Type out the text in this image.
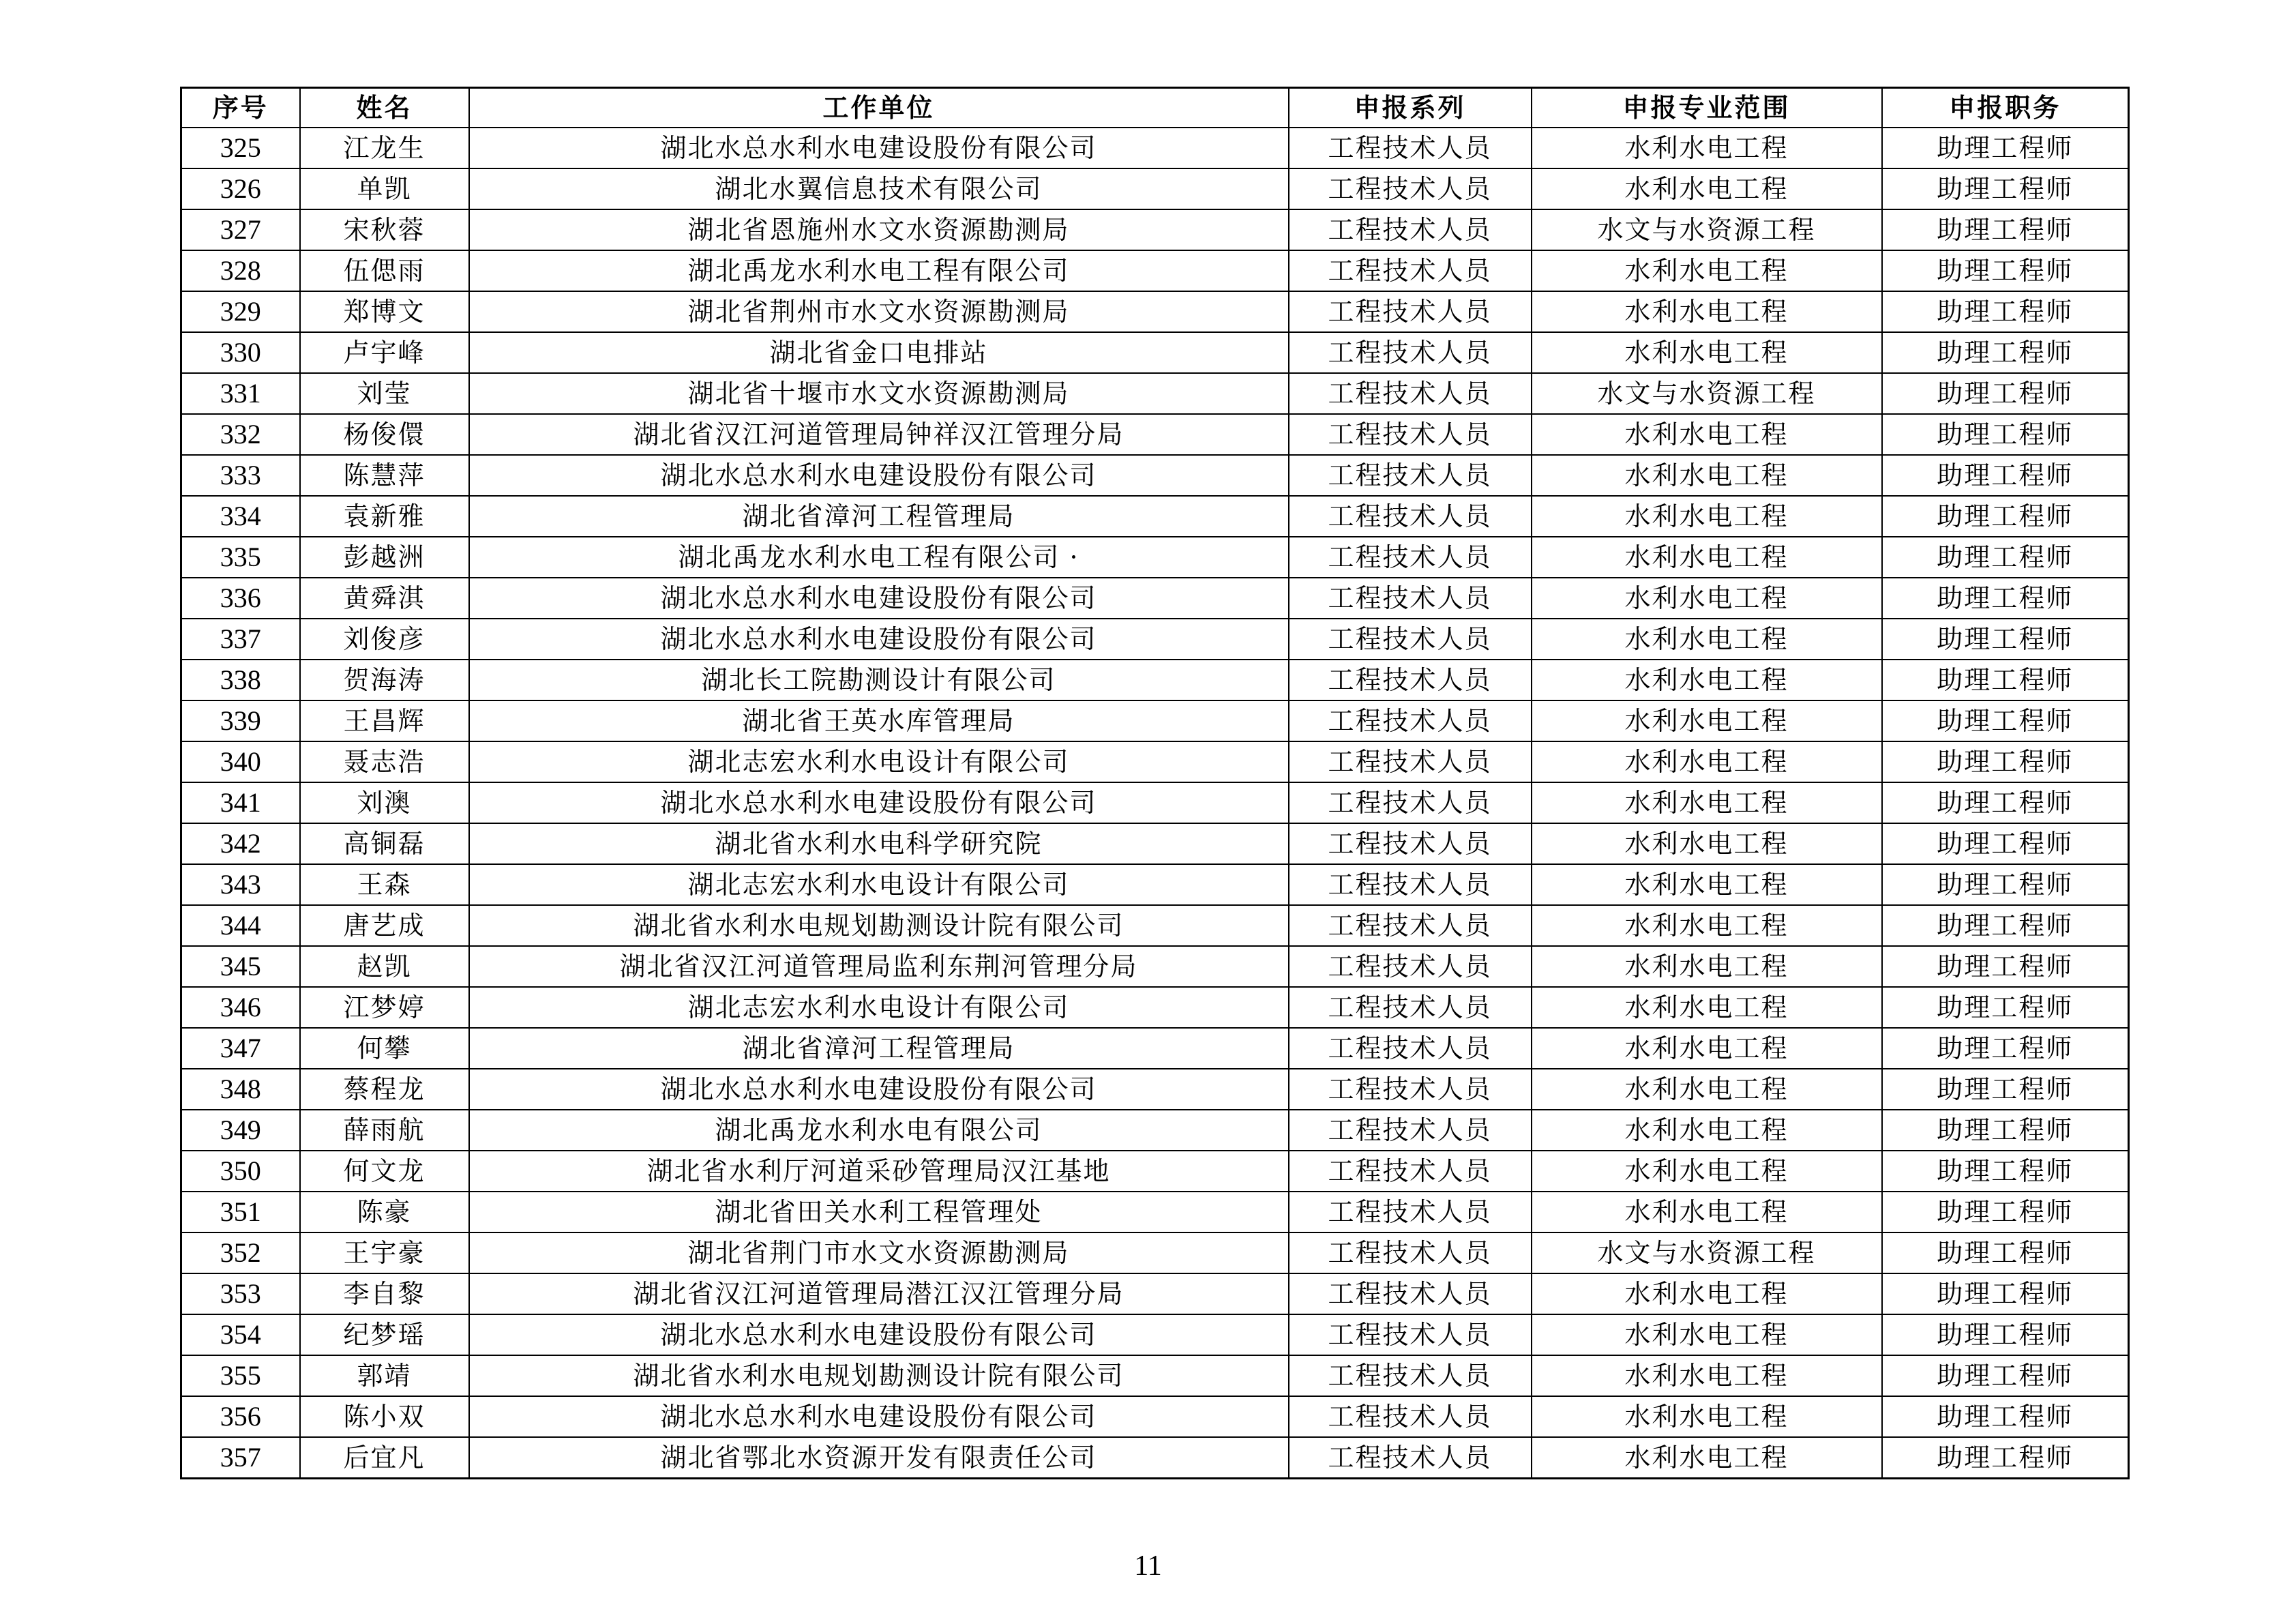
序号	姓名	工作单位	申报系列	申报专业范围	申报职务
325	江龙生	湖北水总水利水电建设股份有限公司	工程技术人员	水利水电工程	助理工程师
326	单凯	湖北水翼信息技术有限公司	工程技术人员	水利水电工程	助理工程师
327	宋秋蓉	湖北省恩施州水文水资源勘测局	工程技术人员	水文与水资源工程	助理工程师
328	伍偲雨	湖北禹龙水利水电工程有限公司	工程技术人员	水利水电工程	助理工程师
329	郑博文	湖北省荆州市水文水资源勘测局	工程技术人员	水利水电工程	助理工程师
330	卢宇峰	湖北省金口电排站	工程技术人员	水利水电工程	助理工程师
331	刘莹	湖北省十堰市水文水资源勘测局	工程技术人员	水文与水资源工程	助理工程师
332	杨俊儇	湖北省汉江河道管理局钟祥汉江管理分局	工程技术人员	水利水电工程	助理工程师
333	陈慧萍	湖北水总水利水电建设股份有限公司	工程技术人员	水利水电工程	助理工程师
334	袁新雅	湖北省漳河工程管理局	工程技术人员	水利水电工程	助理工程师
335	彭越洲	湖北禹龙水利水电工程有限公司 ·	工程技术人员	水利水电工程	助理工程师
336	黄舜淇	湖北水总水利水电建设股份有限公司	工程技术人员	水利水电工程	助理工程师
337	刘俊彦	湖北水总水利水电建设股份有限公司	工程技术人员	水利水电工程	助理工程师
338	贺海涛	湖北长工院勘测设计有限公司	工程技术人员	水利水电工程	助理工程师
339	王昌辉	湖北省王英水库管理局	工程技术人员	水利水电工程	助理工程师
340	聂志浩	湖北志宏水利水电设计有限公司	工程技术人员	水利水电工程	助理工程师
341	刘澳	湖北水总水利水电建设股份有限公司	工程技术人员	水利水电工程	助理工程师
342	高铜磊	湖北省水利水电科学研究院	工程技术人员	水利水电工程	助理工程师
343	王森	湖北志宏水利水电设计有限公司	工程技术人员	水利水电工程	助理工程师
344	唐艺成	湖北省水利水电规划勘测设计院有限公司	工程技术人员	水利水电工程	助理工程师
345	赵凯	湖北省汉江河道管理局监利东荆河管理分局	工程技术人员	水利水电工程	助理工程师
346	江梦婷	湖北志宏水利水电设计有限公司	工程技术人员	水利水电工程	助理工程师
347	何攀	湖北省漳河工程管理局	工程技术人员	水利水电工程	助理工程师
348	蔡程龙	湖北水总水利水电建设股份有限公司	工程技术人员	水利水电工程	助理工程师
349	薛雨航	湖北禹龙水利水电有限公司	工程技术人员	水利水电工程	助理工程师
350	何文龙	湖北省水利厅河道采砂管理局汉江基地	工程技术人员	水利水电工程	助理工程师
351	陈豪	湖北省田关水利工程管理处	工程技术人员	水利水电工程	助理工程师
352	王宇豪	湖北省荆门市水文水资源勘测局	工程技术人员	水文与水资源工程	助理工程师
353	李自黎	湖北省汉江河道管理局潜江汉江管理分局	工程技术人员	水利水电工程	助理工程师
354	纪梦瑶	湖北水总水利水电建设股份有限公司	工程技术人员	水利水电工程	助理工程师
355	郭靖	湖北省水利水电规划勘测设计院有限公司	工程技术人员	水利水电工程	助理工程师
356	陈小双	湖北水总水利水电建设股份有限公司	工程技术人员	水利水电工程	助理工程师
357	后宜凡	湖北省鄂北水资源开发有限责任公司	工程技术人员	水利水电工程	助理工程师
11
